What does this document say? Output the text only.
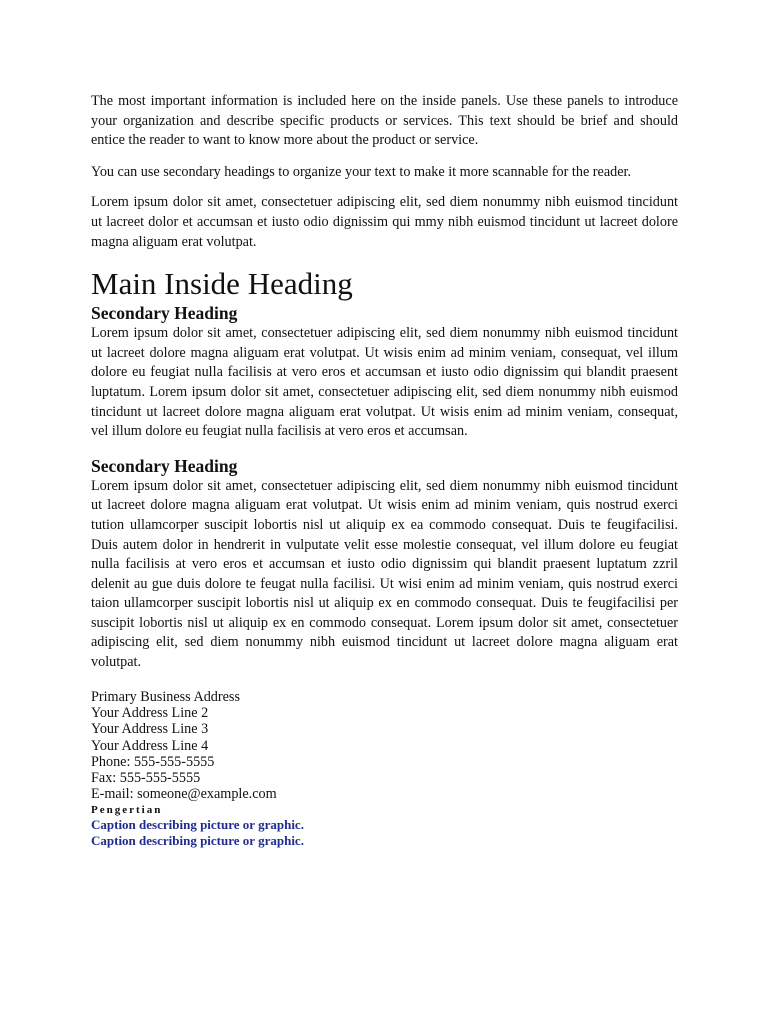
The most important information is included here on the inside panels. Use these panels to introduce your organization and describe specific products or services. This text should be brief and should entice the reader to want to know more about the product or service.

You can use secondary headings to organize your text to make it more scannable for the reader.

Lorem ipsum dolor sit amet, consectetuer adipiscing elit, sed diem nonummy nibh euismod tincidunt ut lacreet dolor et accumsan et iusto odio dignissim qui mmy nibh euismod tincidunt ut lacreet dolore magna aliguam erat volutpat.

Main Inside Heading
Secondary Heading

Lorem ipsum dolor sit amet, consectetuer adipiscing elit, sed diem nonummy nibh euismod tincidunt ut lacreet dolore magna aliguam erat volutpat. Ut wisis enim ad minim veniam, consequat, vel illum dolore eu feugiat nulla facilisis at vero eros et accumsan et iusto odio dignissim qui blandit praesent luptatum. Lorem ipsum dolor sit amet, consectetuer adipiscing elit, sed diem nonummy nibh euismod tincidunt ut lacreet dolore magna aliguam erat volutpat. Ut wisis enim ad minim veniam, consequat, vel illum dolore eu feugiat nulla facilisis at vero eros et accumsan.

Secondary Heading

Lorem ipsum dolor sit amet, consectetuer adipiscing elit, sed diem nonummy nibh euismod tincidunt ut lacreet dolore magna aliguam erat volutpat. Ut wisis enim ad minim veniam, quis nostrud exerci tution ullamcorper suscipit lobortis nisl ut aliquip ex ea commodo consequat. Duis te feugifacilisi. Duis autem dolor in hendrerit in vulputate velit esse molestie consequat, vel illum dolore eu feugiat nulla facilisis at vero eros et accumsan et iusto odio dignissim qui blandit praesent luptatum zzril delenit au gue duis dolore te feugat nulla facilisi. Ut wisi enim ad minim veniam, quis nostrud exerci taion ullamcorper suscipit lobortis nisl ut aliquip ex en commodo consequat. Duis te feugifacilisi per suscipit lobortis nisl ut aliquip ex en commodo consequat. Lorem ipsum dolor sit amet, consectetuer adipiscing elit, sed diem nonummy nibh euismod tincidunt ut lacreet dolore magna aliguam erat volutpat.

Primary Business Address
Your Address Line 2
Your Address Line 3
Your Address Line 4
Phone: 555-555-5555
Fax: 555-555-5555
E-mail: someone@example.com
Pengertian
Caption describing picture or graphic.
Caption describing picture or graphic.
